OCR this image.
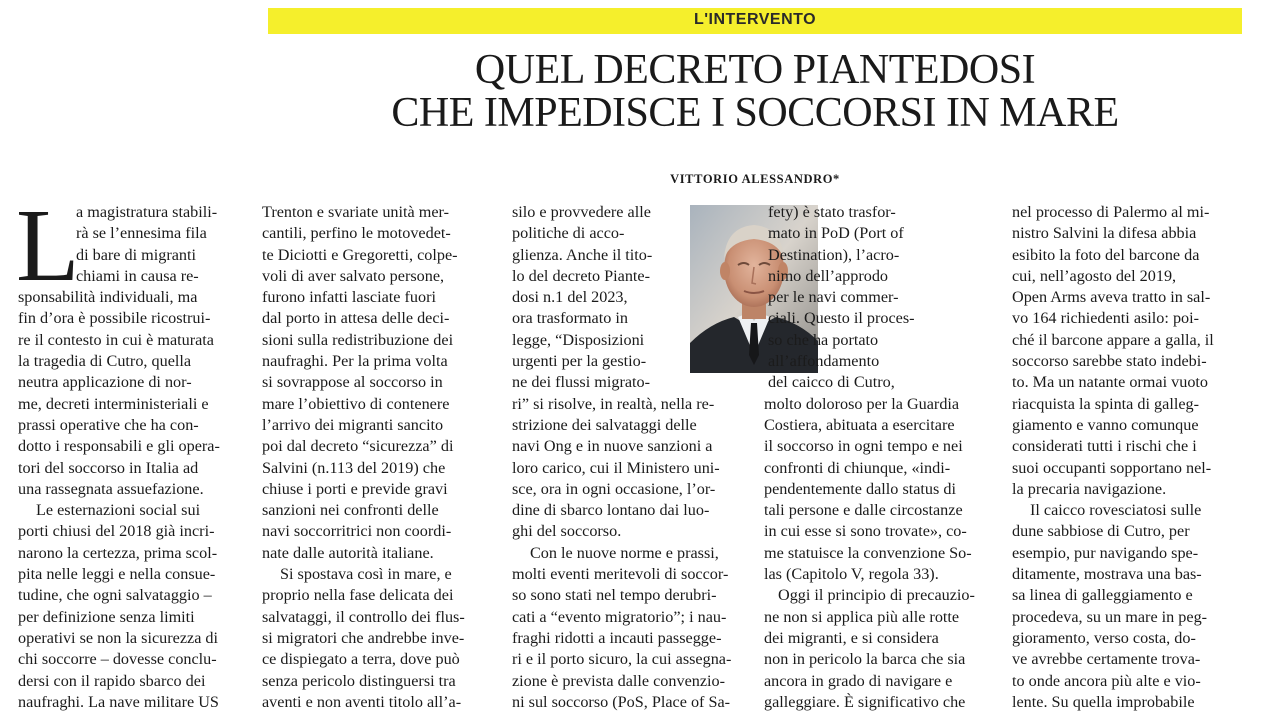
L'INTERVENTO
QUEL DECRETO PIANTEDOSI
CHE IMPEDISCE I SOCCORSI IN MARE
VITTORIO ALESSANDRO*
L
a magistratura stabili-
rà se l’ennesima fila
di bare di migranti
chiami in causa re-
sponsabilità individuali, ma
fin d’ora è possibile ricostrui-
re il contesto in cui è maturata
la tragedia di Cutro, quella
neutra applicazione di nor-
me, decreti interministeriali e
prassi operative che ha con-
dotto i responsabili e gli opera-
tori del soccorso in Italia ad
una rassegnata assuefazione.
Le esternazioni social sui
porti chiusi del 2018 già incri-
narono la certezza, prima scol-
pita nelle leggi e nella consue-
tudine, che ogni salvataggio –
per definizione senza limiti
operativi se non la sicurezza di
chi soccorre – dovesse conclu-
dersi con il rapido sbarco dei
naufraghi. La nave militare US
Trenton e svariate unità mer-
cantili, perfino le motovedet-
te Diciotti e Gregoretti, colpe-
voli di aver salvato persone,
furono infatti lasciate fuori
dal porto in attesa delle deci-
sioni sulla redistribuzione dei
naufraghi. Per la prima volta
si sovrappose al soccorso in
mare l’obiettivo di contenere
l’arrivo dei migranti sancito
poi dal decreto “sicurezza” di
Salvini (n.113 del 2019) che
chiuse i porti e previde gravi
sanzioni nei confronti delle
navi soccorritrici non coordi-
nate dalle autorità italiane.
Si spostava così in mare, e
proprio nella fase delicata dei
salvataggi, il controllo dei flus-
si migratori che andrebbe inve-
ce dispiegato a terra, dove può
senza pericolo distinguersi tra
aventi e non aventi titolo all’a-
silo e provvedere alle
politiche di acco-
glienza. Anche il tito-
lo del decreto Piante-
dosi n.1 del 2023,
ora trasformato in
legge, “Disposizioni
urgenti per la gestio-
ne dei flussi migrato-
ri” si risolve, in realtà, nella re-
strizione dei salvataggi delle
navi Ong e in nuove sanzioni a
loro carico, cui il Ministero uni-
sce, ora in ogni occasione, l’or-
dine di sbarco lontano dai luo-
ghi del soccorso.
Con le nuove norme e prassi,
molti eventi meritevoli di soccor-
so sono stati nel tempo derubri-
cati a “evento migratorio”; i nau-
fraghi ridotti a incauti passegge-
ri e il porto sicuro, la cui assegna-
zione è prevista dalle convenzio-
ni sul soccorso (PoS, Place of Sa-
fety) è stato trasfor-
mato in PoD (Port of
Destination), l’acro-
nimo dell’approdo
per le navi commer-
ciali. Questo il proces-
so che ha portato
all’affondamento
del caicco di Cutro,
molto doloroso per la Guardia
Costiera, abituata a esercitare
il soccorso in ogni tempo e nei
confronti di chiunque, «indi-
pendentemente dallo status di
tali persone e dalle circostanze
in cui esse si sono trovate», co-
me statuisce la convenzione So-
las (Capitolo V, regola 33).
Oggi il principio di precauzio-
ne non si applica più alle rotte
dei migranti, e si considera
non in pericolo la barca che sia
ancora in grado di navigare e
galleggiare. È significativo che
nel processo di Palermo al mi-
nistro Salvini la difesa abbia
esibito la foto del barcone da
cui, nell’agosto del 2019,
Open Arms aveva tratto in sal-
vo 164 richiedenti asilo: poi-
ché il barcone appare a galla, il
soccorso sarebbe stato indebi-
to. Ma un natante ormai vuoto
riacquista la spinta di galleg-
giamento e vanno comunque
considerati tutti i rischi che i
suoi occupanti sopportano nel-
la precaria navigazione.
Il caicco rovesciatosi sulle
dune sabbiose di Cutro, per
esempio, pur navigando spe-
ditamente, mostrava una bas-
sa linea di galleggiamento e
procedeva, su un mare in peg-
gioramento, verso costa, do-
ve avrebbe certamente trova-
to onde ancora più alte e vio-
lente. Su quella improbabile
